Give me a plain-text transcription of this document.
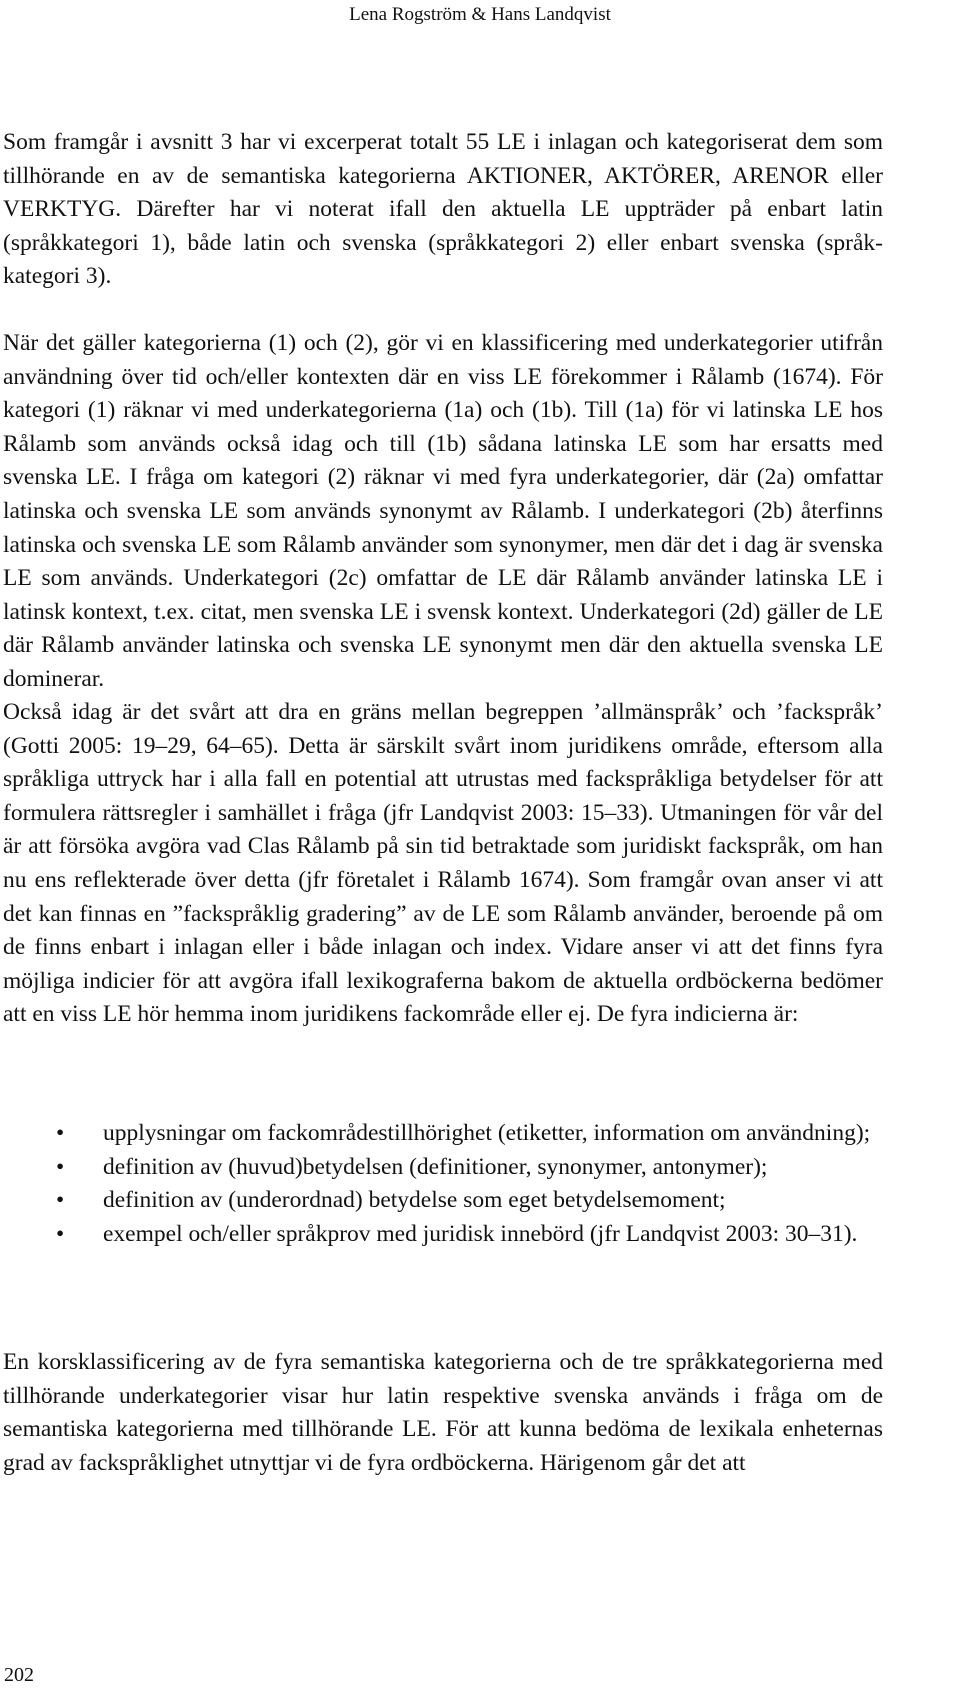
Lena Rogström & Hans Landqvist

Som framgår i avsnitt 3 har vi excerperat totalt 55 LE i inlagan och kategoriserat dem som tillhörande en av de semantiska kategorierna AKTIONER, AKTÖRER, ARENOR eller VERKTYG. Därefter har vi noterat ifall den aktuella LE uppträder på enbart latin (språkkategori 1), både latin och svenska (språkkategori 2) eller enbart svenska (språkkategori 3).

När det gäller kategorierna (1) och (2), gör vi en klassificering med underkategorier utifrån användning över tid och/eller kontexten där en viss LE förekommer i Rålamb (1674). För kategori (1) räknar vi med underkategorierna (1a) och (1b). Till (1a) för vi latinska LE hos Rålamb som används också idag och till (1b) sådana latinska LE som har ersatts med svenska LE. I fråga om kategori (2) räknar vi med fyra underkategorier, där (2a) omfattar latinska och svenska LE som används synonymt av Rålamb. I underkategori (2b) återfinns latinska och svenska LE som Rålamb använder som synonymer, men där det i dag är svenska LE som används. Underkategori (2c) omfattar de LE där Rålamb använder latinska LE i latinsk kontext, t.ex. citat, men svenska LE i svensk kontext. Underkategori (2d) gäller de LE där Rålamb använder latinska och svenska LE synonymt men där den aktuella svenska LE dominerar.

Också idag är det svårt att dra en gräns mellan begreppen ’allmänspråk’ och ’fackspråk’ (Gotti 2005: 19–29, 64–65). Detta är särskilt svårt inom juridikens område, eftersom alla språkliga uttryck har i alla fall en potential att utrustas med fackspråkliga betydelser för att formulera rättsregler i samhället i fråga (jfr Landqvist 2003: 15–33). Utmaningen för vår del är att försöka avgöra vad Clas Rålamb på sin tid betraktade som juridiskt fackspråk, om han nu ens reflekterade över detta (jfr företalet i Rålamb 1674). Som framgår ovan anser vi att det kan finnas en ”fackspråklig gradering” av de LE som Rålamb använder, beroende på om de finns enbart i inlagan eller i både inlagan och index. Vidare anser vi att det finns fyra möjliga indicier för att avgöra ifall lexikograferna bakom de aktuella ordböckerna bedömer att en viss LE hör hemma inom juridikens fackområde eller ej. De fyra indicierna är:

•	upplysningar om fackområdestillhörighet (etiketter, information om användning);
•	definition av (huvud)betydelsen (definitioner, synonymer, antonymer);
•	definition av (underordnad) betydelse som eget betydelsemoment;
•	exempel och/eller språkprov med juridisk innebörd (jfr Landqvist 2003: 30–31).

En korsklassificering av de fyra semantiska kategorierna och de tre språkkategorierna med tillhörande underkategorier visar hur latin respektive svenska används i fråga om de semantiska kategorierna med tillhörande LE. För att kunna bedöma de lexikala enheternas grad av fackspråklighet utnyttjar vi de fyra ordböckerna. Härigenom går det att

202
